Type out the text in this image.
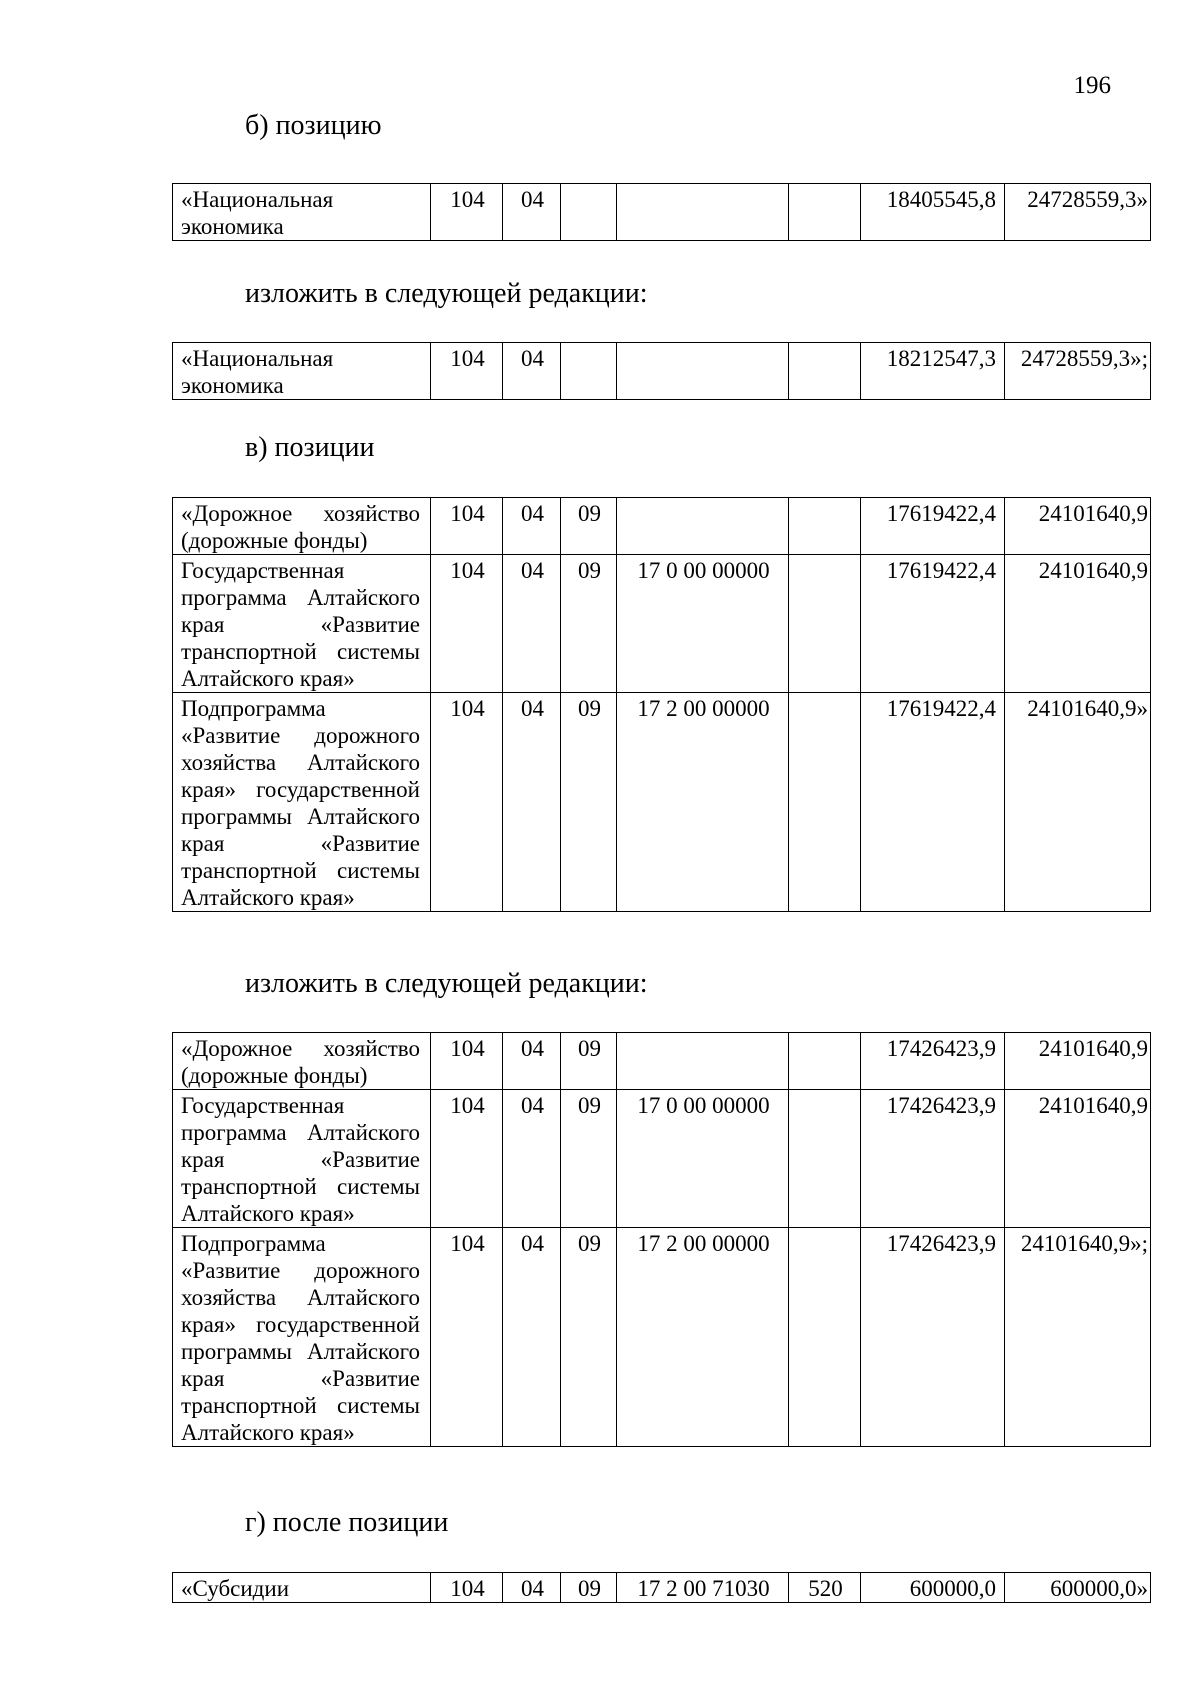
196
б) позицию
«Национальная экономика	104	04				18405545,8	24728559,3»
изложить в следующей редакции:
«Национальная экономика	104	04				18212547,3	24728559,3»;
в) позиции
«Дорожное хозяйство (дорожные фонды)	104	04	09			17619422,4	24101640,9
Государственная программа Алтайского края «Развитие транспортной системы Алтайского края»	104	04	09	17 0 00 00000		17619422,4	24101640,9
Подпрограмма «Развитие дорожного хозяйства Алтайского края» государственной программы Алтайского края «Развитие транспортной системы Алтайского края»	104	04	09	17 2 00 00000		17619422,4	24101640,9»
изложить в следующей редакции:
«Дорожное хозяйство (дорожные фонды)	104	04	09			17426423,9	24101640,9
Государственная программа Алтайского края «Развитие транспортной системы Алтайского края»	104	04	09	17 0 00 00000		17426423,9	24101640,9
Подпрограмма «Развитие дорожного хозяйства Алтайского края» государственной программы Алтайского края «Развитие транспортной системы Алтайского края»	104	04	09	17 2 00 00000		17426423,9	24101640,9»;
г) после позиции
«Субсидии	104	04	09	17 2 00 71030	520	600000,0	600000,0»
